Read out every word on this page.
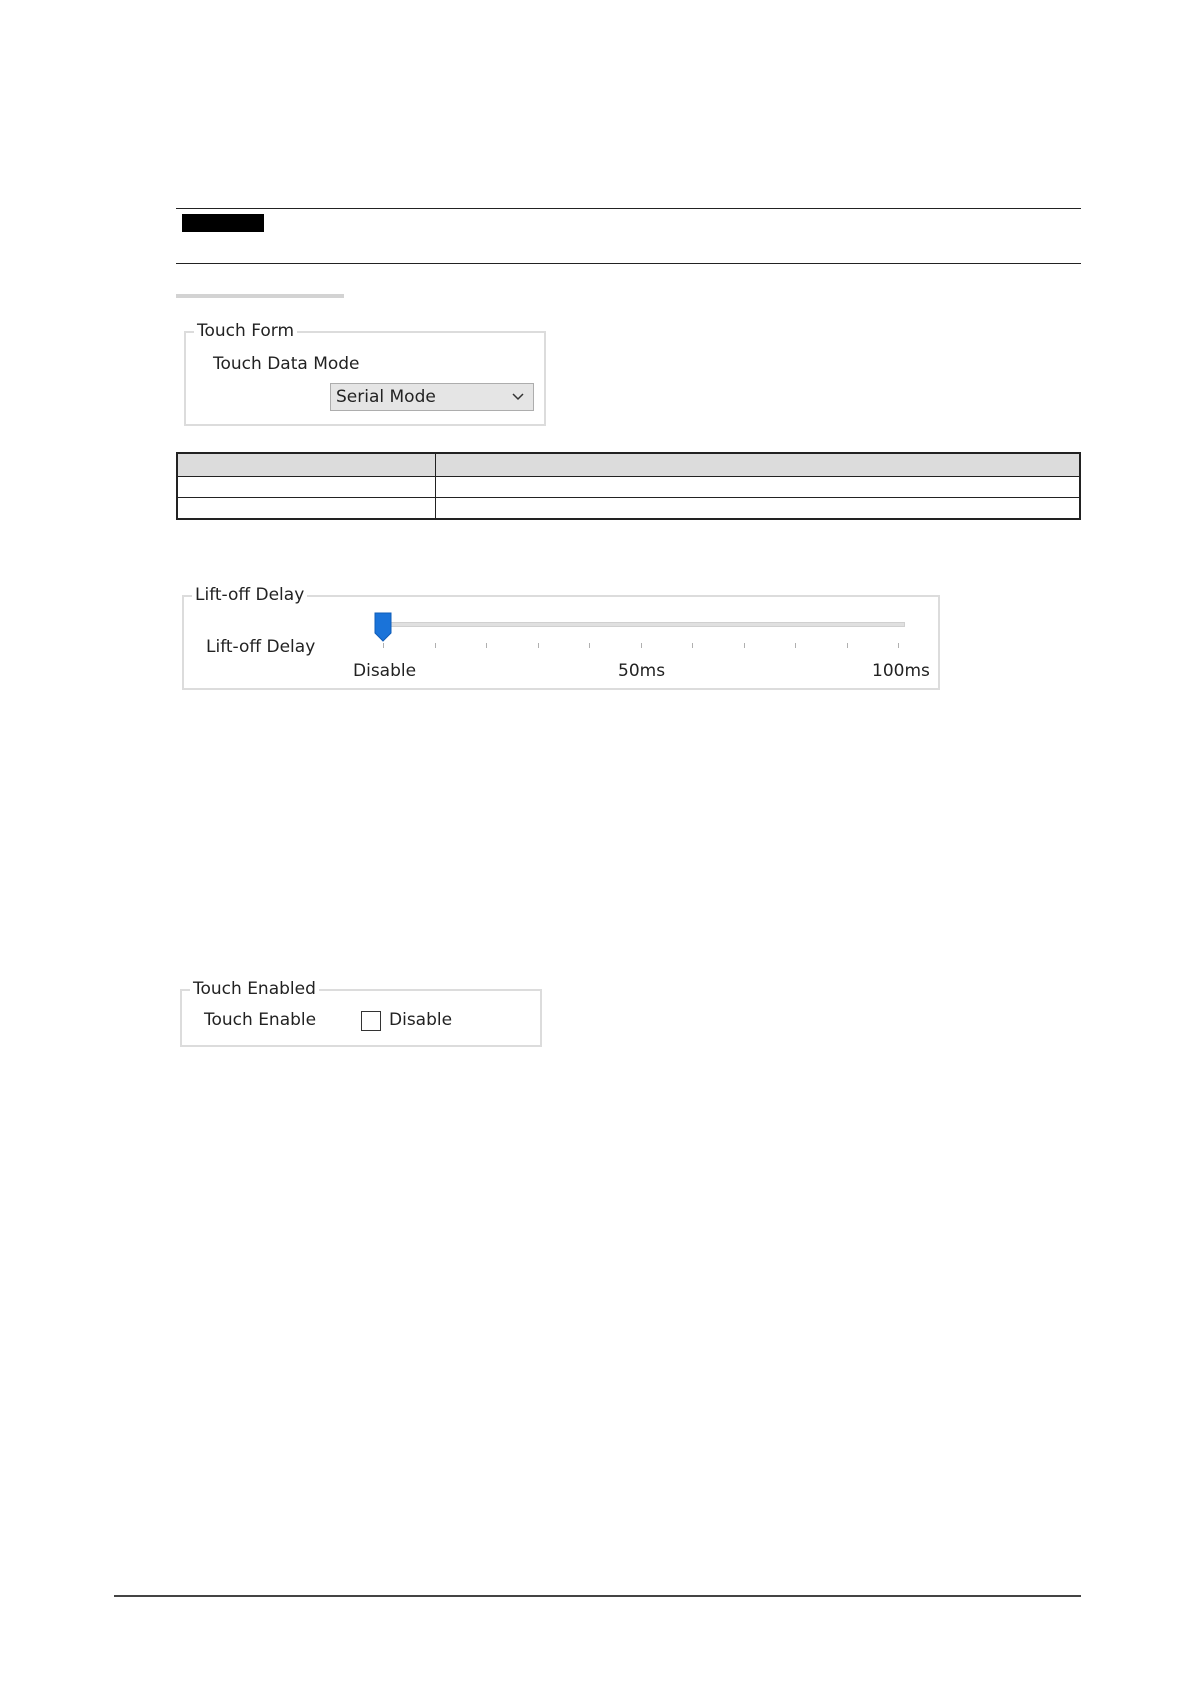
Touch Form
Touch Data Mode
Serial Mode
Lift-off Delay
Lift-off Delay
Disable	50ms	100ms
Touch Enabled
Touch Enable	Disable
